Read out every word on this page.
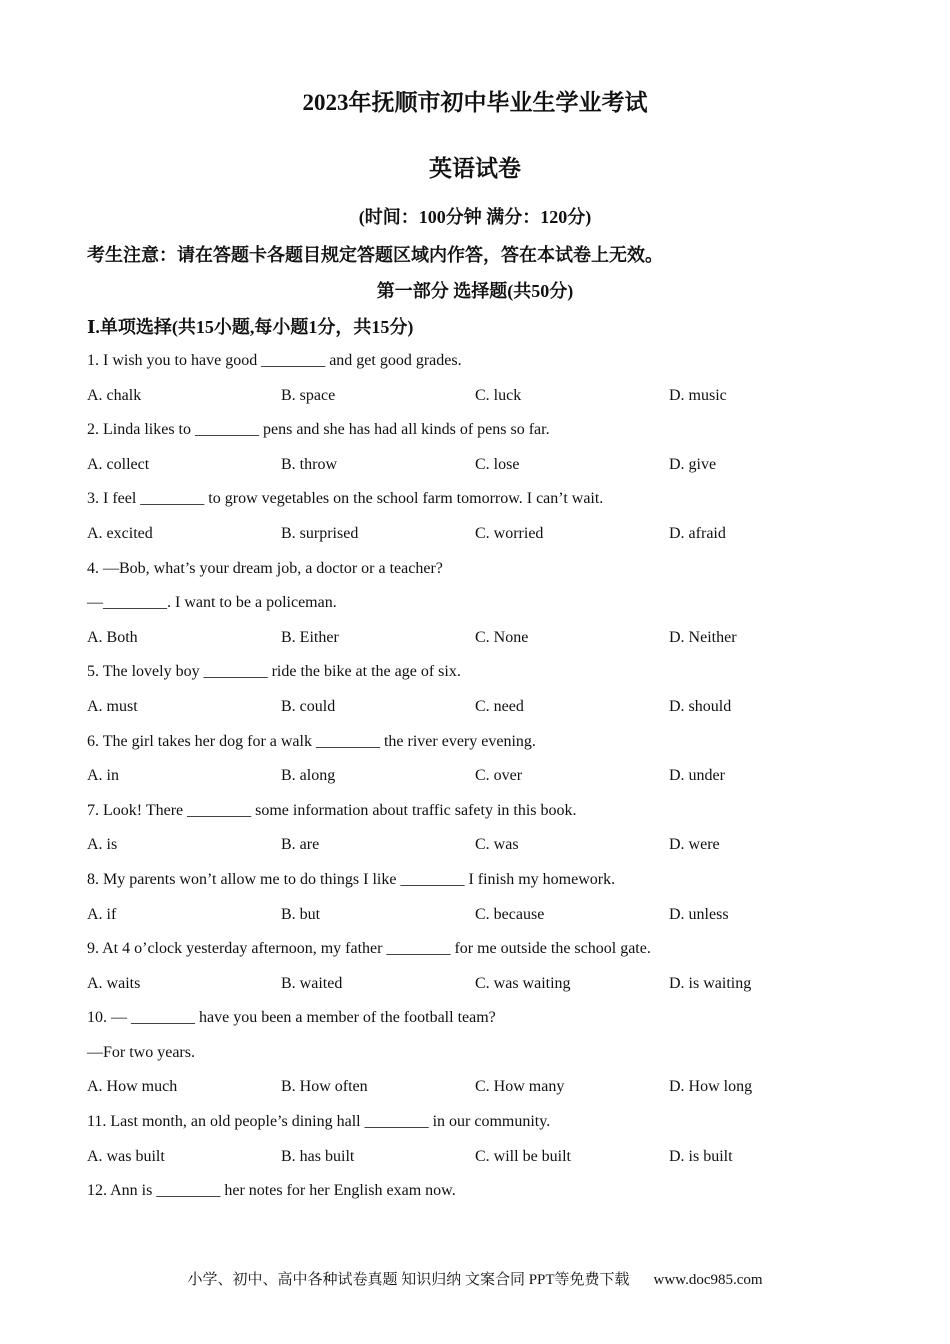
2023年抚顺市初中毕业生学业考试
英语试卷
(时间：100分钟 满分：120分)
考生注意：请在答题卡各题目规定答题区域内作答，答在本试卷上无效。
第一部分 选择题(共50分)
Ⅰ.单项选择(共15小题,每小题1分，共15分)
1. I wish you to have good ________ and get good grades.
A. chalk	B. space	C. luck	D. music
2. Linda likes to ________ pens and she has had all kinds of pens so far.
A. collect	B. throw	C. lose	D. give
3. I feel ________ to grow vegetables on the school farm tomorrow. I can’t wait.
A. excited	B. surprised	C. worried	D. afraid
4. —Bob, what’s your dream job, a doctor or a teacher?
—________. I want to be a policeman.
A. Both	B. Either	C. None	D. Neither
5. The lovely boy ________ ride the bike at the age of six.
A. must	B. could	C. need	D. should
6. The girl takes her dog for a walk ________ the river every evening.
A. in	B. along	C. over	D. under
7. Look! There ________ some information about traffic safety in this book.
A. is	B. are	C. was	D. were
8. My parents won’t allow me to do things I like ________ I finish my homework.
A. if	B. but	C. because	D. unless
9. At 4 o’clock yesterday afternoon, my father ________ for me outside the school gate.
A. waits	B. waited	C. was waiting	D. is waiting
10. — ________ have you been a member of the football team?
—For two years.
A. How much	B. How often	C. How many	D. How long
11. Last month, an old people’s dining hall ________ in our community.
A. was built	B. has built	C. will be built	D. is built
12. Ann is ________ her notes for her English exam now.
小学、初中、高中各种试卷真题 知识归纳 文案合同 PPT等免费下载 www.doc985.com
